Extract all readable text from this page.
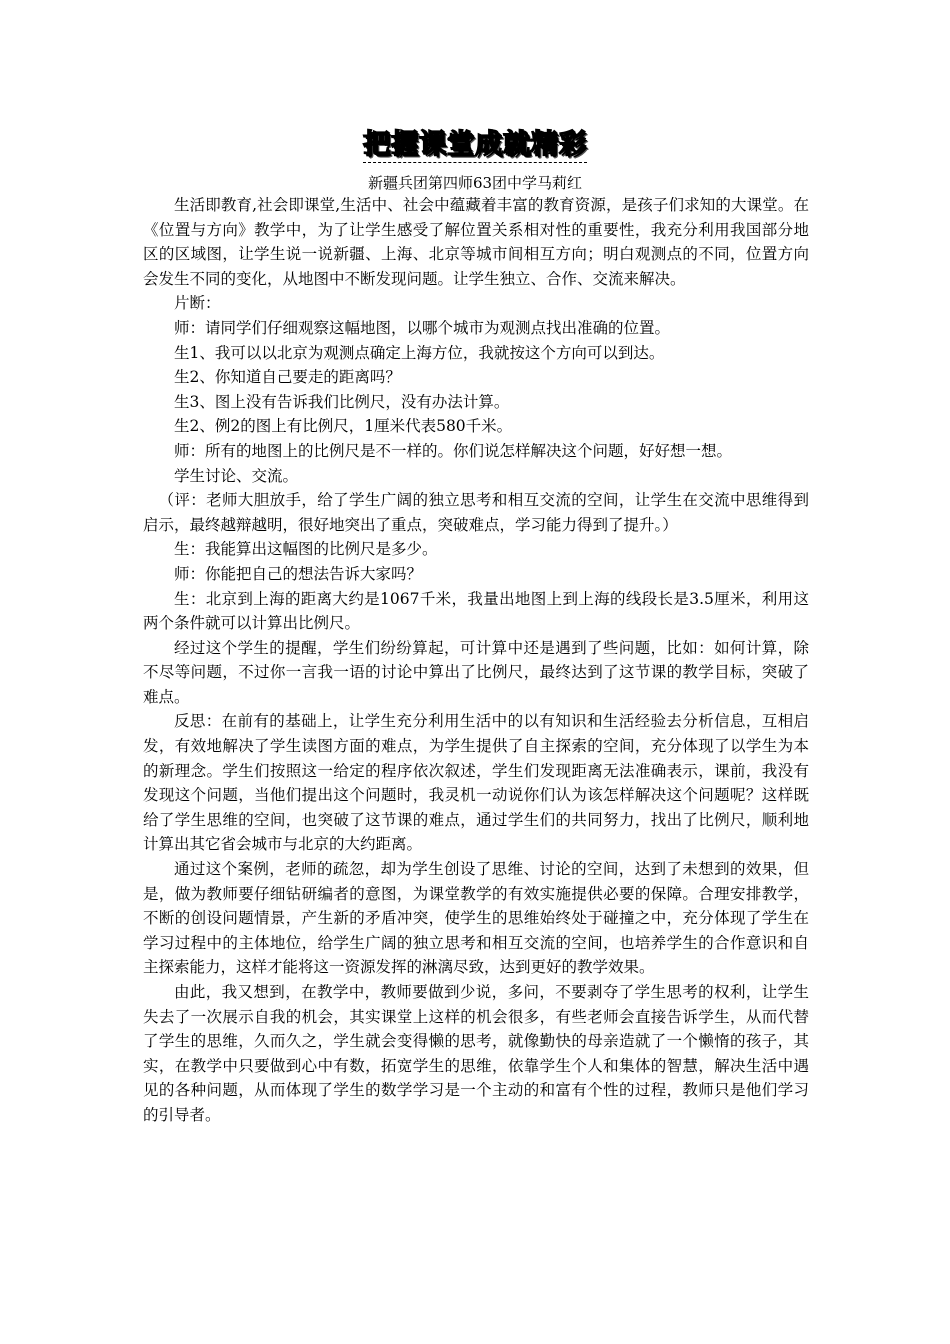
把握课堂成就精彩
新疆兵团第四师63团中学马莉红

生活即教育,社会即课堂,生活中、社会中蕴藏着丰富的教育资源，是孩子们求知的大课堂。在《位置与方向》教学中，为了让学生感受了解位置关系相对性的重要性，我充分利用我国部分地区的区域图，让学生说一说新疆、上海、北京等城市间相互方向；明白观测点的不同，位置方向会发生不同的变化，从地图中不断发现问题。让学生独立、合作、交流来解决。

片断：

师：请同学们仔细观察这幅地图，以哪个城市为观测点找出准确的位置。

生1、我可以以北京为观测点确定上海方位，我就按这个方向可以到达。

生2、你知道自己要走的距离吗？

生3、图上没有告诉我们比例尺，没有办法计算。

生2、例2的图上有比例尺，1厘米代表580千米。

师：所有的地图上的比例尺是不一样的。你们说怎样解决这个问题，好好想一想。

学生讨论、交流。

（评：老师大胆放手，给了学生广阔的独立思考和相互交流的空间，让学生在交流中思维得到启示，最终越辩越明，很好地突出了重点，突破难点，学习能力得到了提升。）

生：我能算出这幅图的比例尺是多少。

师：你能把自己的想法告诉大家吗？

生：北京到上海的距离大约是1067千米，我量出地图上到上海的线段长是3.5厘米，利用这两个条件就可以计算出比例尺。

经过这个学生的提醒，学生们纷纷算起，可计算中还是遇到了些问题，比如：如何计算，除不尽等问题，不过你一言我一语的讨论中算出了比例尺，最终达到了这节课的教学目标，突破了难点。

反思：在前有的基础上，让学生充分利用生活中的以有知识和生活经验去分析信息，互相启发，有效地解决了学生读图方面的难点，为学生提供了自主探索的空间，充分体现了以学生为本的新理念。学生们按照这一给定的程序依次叙述，学生们发现距离无法准确表示，课前，我没有发现这个问题，当他们提出这个问题时，我灵机一动说你们认为该怎样解决这个问题呢？这样既给了学生思维的空间，也突破了这节课的难点，通过学生们的共同努力，找出了比例尺，顺利地计算出其它省会城市与北京的大约距离。

通过这个案例，老师的疏忽，却为学生创设了思维、讨论的空间，达到了未想到的效果，但是，做为教师要仔细钻研编者的意图，为课堂教学的有效实施提供必要的保障。合理安排教学，不断的创设问题情景，产生新的矛盾冲突，使学生的思维始终处于碰撞之中，充分体现了学生在学习过程中的主体地位，给学生广阔的独立思考和相互交流的空间，也培养学生的合作意识和自主探索能力，这样才能将这一资源发挥的淋漓尽致，达到更好的教学效果。

由此，我又想到，在教学中，教师要做到少说，多问，不要剥夺了学生思考的权利，让学生失去了一次展示自我的机会，其实课堂上这样的机会很多，有些老师会直接告诉学生，从而代替了学生的思维，久而久之，学生就会变得懒的思考，就像勤快的母亲造就了一个懒惰的孩子，其实，在教学中只要做到心中有数，拓宽学生的思维，依靠学生个人和集体的智慧，解决生活中遇见的各种问题，从而体现了学生的数学学习是一个主动的和富有个性的过程，教师只是他们学习的引导者。
